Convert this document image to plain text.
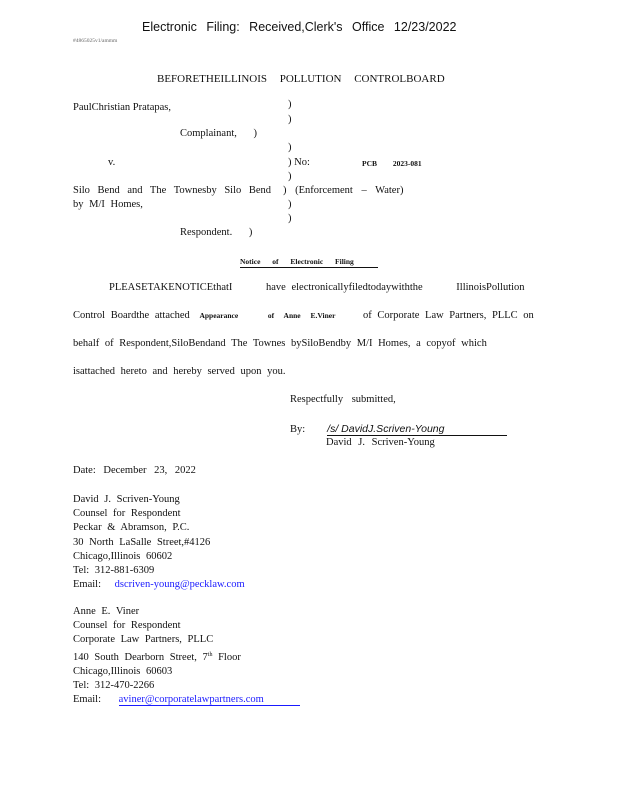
Electronic Filing: Received,Clerk's Office 12/23/2022
#4865025v1/ammm
BEFORETHEILLINOIS POLLUTION CONTROLBOARD
PaulChristian Pratapas,	)
)
Complainant, )
)
v.	) No:	PCB 2023-081
)
Silo Bend and The Townesby Silo Bend ) (Enforcement – Water)
by M/I Homes,	)
)
Respondent. )
Notice of Electronic Filing
PLEASETAKENOTICEthatI	have electronicallyfiledtodaywiththe	IllinoisPollution
Control Boardthe attached Appearance	of Anne E.Viner	of Corporate Law Partners, PLLC on
behalf of Respondent,SiloBendand The Townes bySiloBendby M/I Homes, a copyof which
isattached hereto and hereby served upon you.
Respectfully submitted,
By: /s/ DavidJ.Scriven-Young
David J. Scriven-Young
Date: December 23, 2022
David J. Scriven-Young
Counsel for Respondent
Peckar & Abramson, P.C.
30 North LaSalle Street,#4126
Chicago,Illinois 60602
Tel: 312-881-6309
Email: dscriven-young@pecklaw.com
Anne E. Viner
Counsel for Respondent
Corporate Law Partners, PLLC
140 South Dearborn Street, 7th Floor
Chicago,Illinois 60603
Tel: 312-470-2266
Email: aviner@corporatelawpartners.com
